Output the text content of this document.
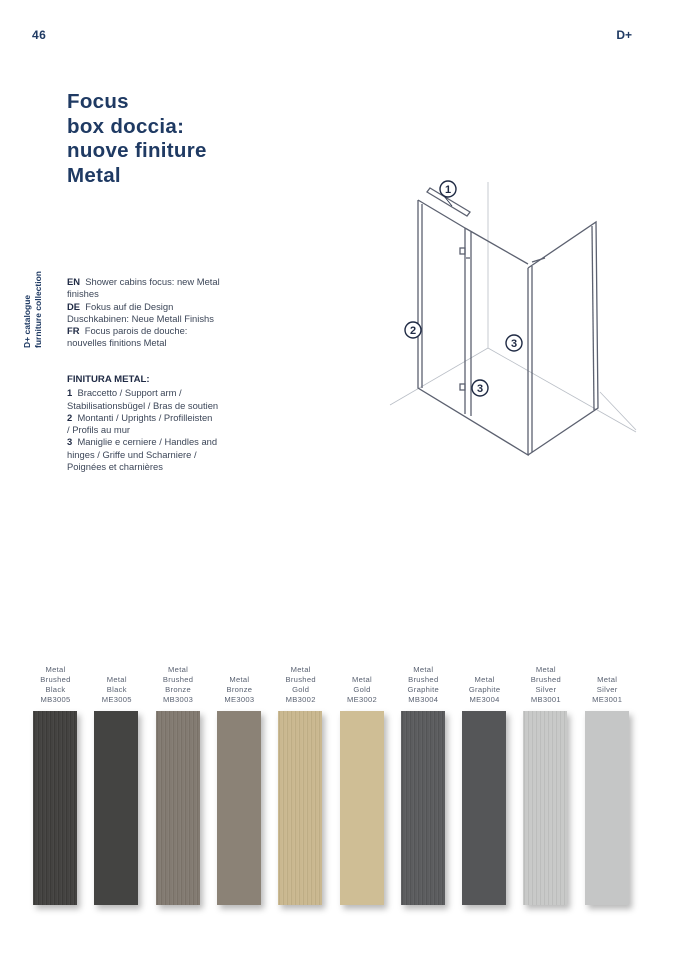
46	D+
Focus
box doccia:
nuove finiture
Metal
D+ catalogue furniture collection	EN Shower cabins focus: new Metal
finishes
DE Fokus auf die Design
Duschkabinen: Neue Metall Finishs
FR Focus parois de douche:
nouvelles finitions Metal
FINITURA METAL:
1 Braccetto / Support arm /
Stabilisationsbügel / Bras de soutien
2 Montanti / Uprights / Profilleisten
/ Profils au mur
3 Maniglie e cerniere / Handles and
hinges / Griffe und Scharniere /
Poignées et charnières
1
2
3
3
Metal
Brushed
Black
MB3005
Metal
Black
ME3005
Metal
Brushed
Bronze
MB3003
Metal
Bronze
ME3003
Metal
Brushed
Gold
MB3002
Metal
Gold
ME3002
Metal
Brushed
Graphite
MB3004
Metal
Graphite
ME3004
Metal
Brushed
Silver
MB3001
Metal
Silver
ME3001
